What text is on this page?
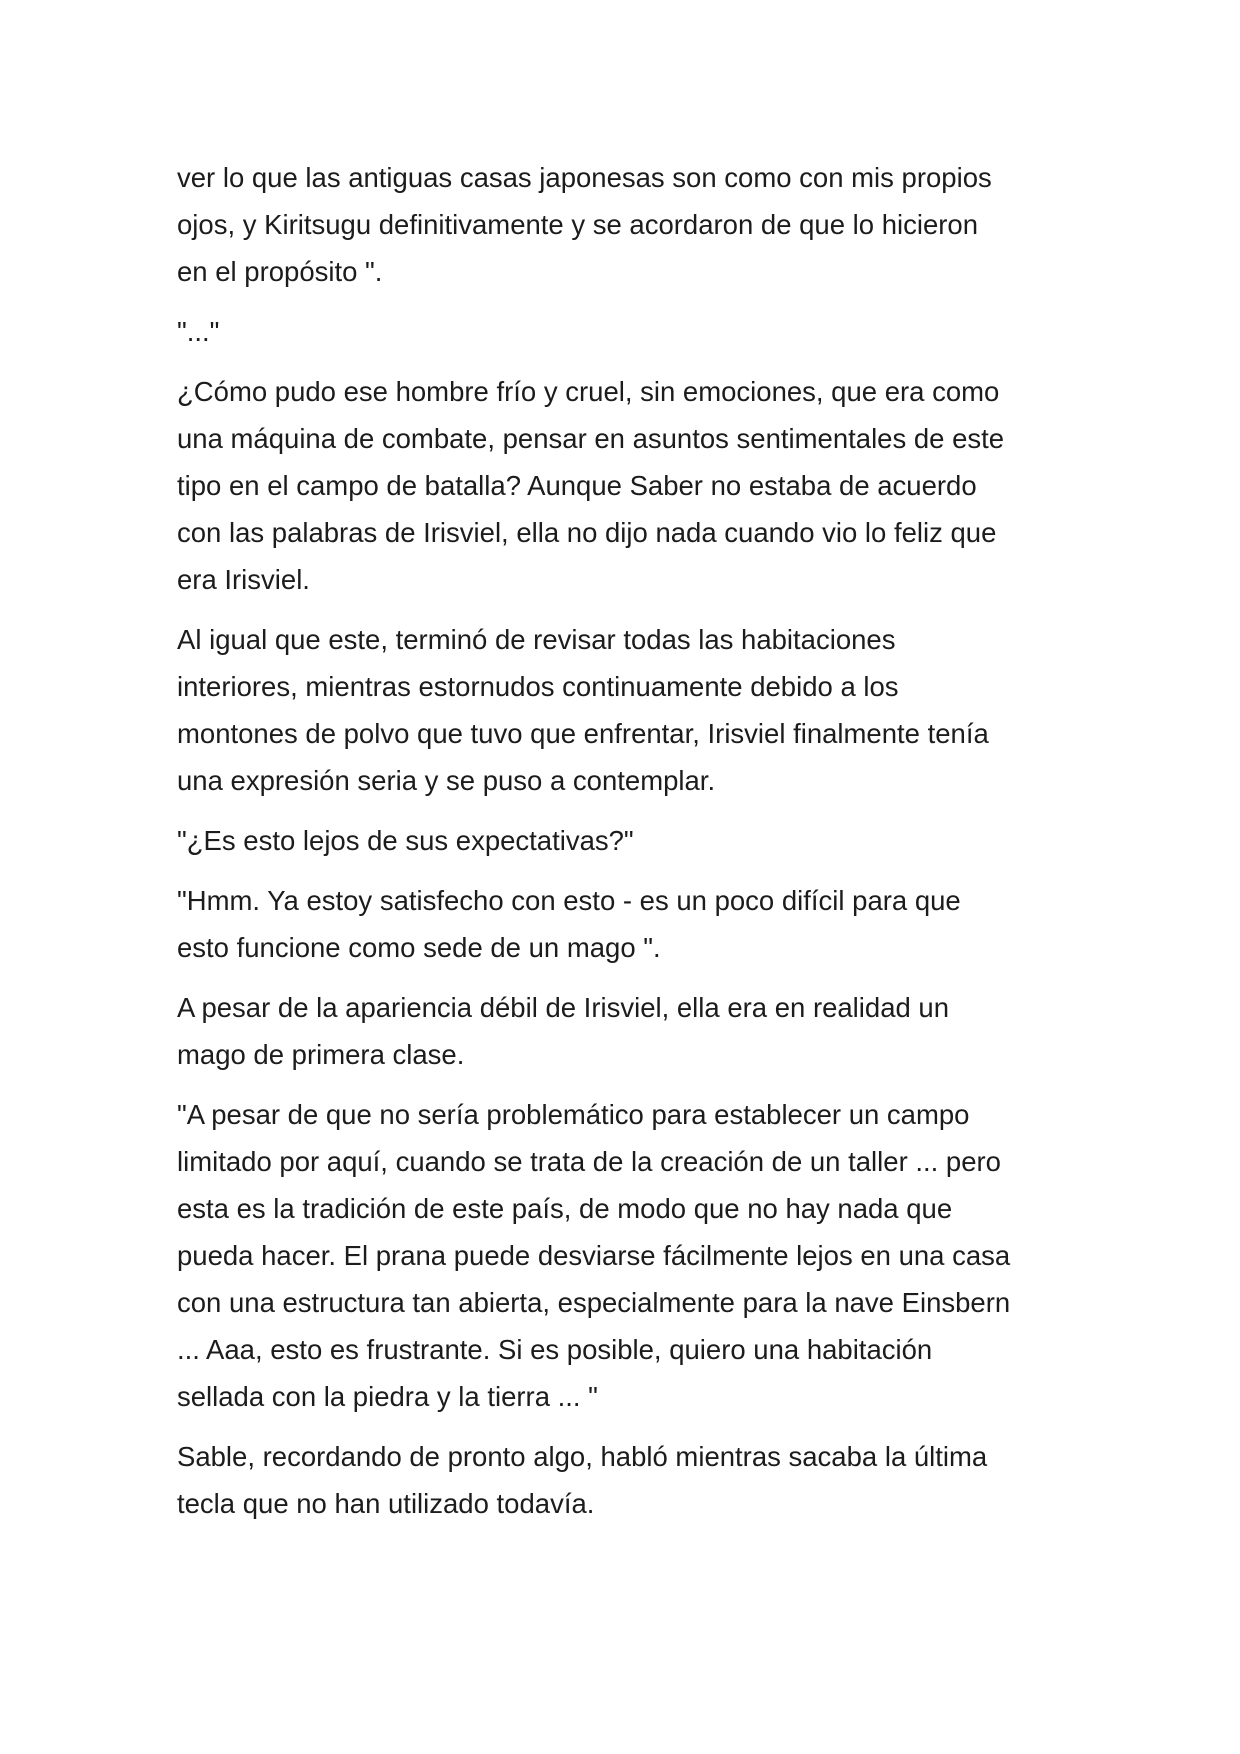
ver lo que las antiguas casas japonesas son como con mis propios
ojos, y Kiritsugu definitivamente y se acordaron de que lo hicieron
en el propósito ".

"..."

¿Cómo pudo ese hombre frío y cruel, sin emociones, que era como
una máquina de combate, pensar en asuntos sentimentales de este
tipo en el campo de batalla? Aunque Saber no estaba de acuerdo
con las palabras de Irisviel, ella no dijo nada cuando vio lo feliz que
era Irisviel.

Al igual que este, terminó de revisar todas las habitaciones
interiores, mientras estornudos continuamente debido a los
montones de polvo que tuvo que enfrentar, Irisviel finalmente tenía
una expresión seria y se puso a contemplar.

"¿Es esto lejos de sus expectativas?"

"Hmm. Ya estoy satisfecho con esto - es un poco difícil para que
esto funcione como sede de un mago ".

A pesar de la apariencia débil de Irisviel, ella era en realidad un
mago de primera clase.

"A pesar de que no sería problemático para establecer un campo
limitado por aquí, cuando se trata de la creación de un taller ... pero
esta es la tradición de este país, de modo que no hay nada que
pueda hacer. El prana puede desviarse fácilmente lejos en una casa
con una estructura tan abierta, especialmente para la nave Einsbern
... Aaa, esto es frustrante. Si es posible, quiero una habitación
sellada con la piedra y la tierra ... "

Sable, recordando de pronto algo, habló mientras sacaba la última
tecla que no han utilizado todavía.
